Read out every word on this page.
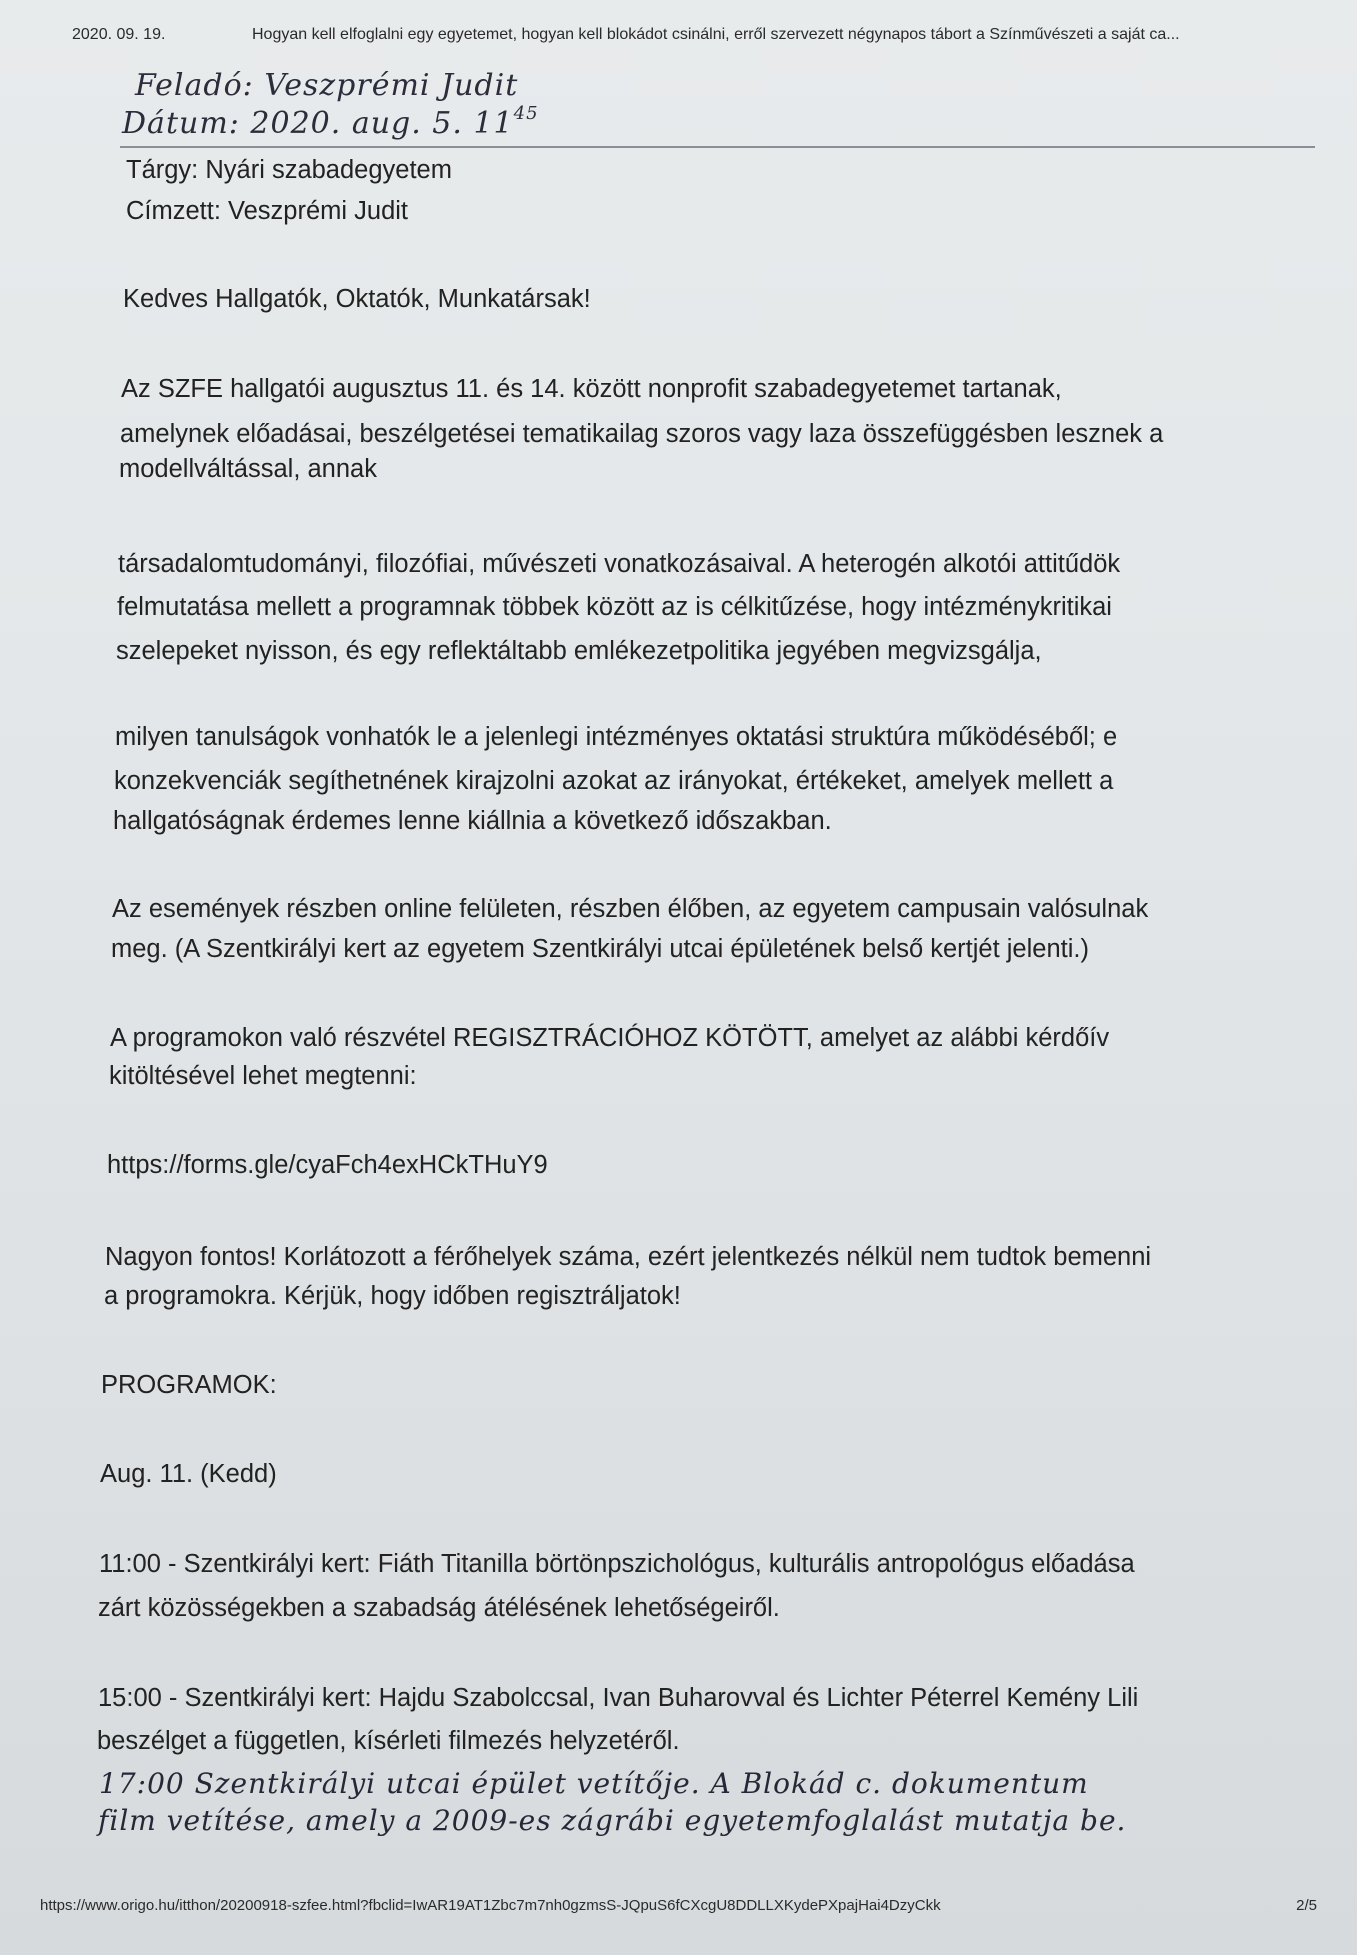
2020. 09. 19.	Hogyan kell elfoglalni egy egyetemet, hogyan kell blokádot csinálni, erről szervezett négynapos tábort a Színművészeti a saját ca...
Feladó: Veszprémi Judit
Dátum: 2020. aug. 5. $11^{45}$
Tárgy: Nyári szabadegyetem
Címzett: Veszprémi Judit
Kedves Hallgatók, Oktatók, Munkatársak!
Az SZFE hallgatói augusztus 11. és 14. között nonprofit szabadegyetemet tartanak,
amelynek előadásai, beszélgetései tematikailag szoros vagy laza összefüggésben lesznek a
modellváltással, annak
társadalomtudományi, filozófiai, művészeti vonatkozásaival. A heterogén alkotói attitűdök
felmutatása mellett a programnak többek között az is célkitűzése, hogy intézménykritikai
szelepeket nyisson, és egy reflektáltabb emlékezetpolitika jegyében megvizsgálja,
milyen tanulságok vonhatók le a jelenlegi intézményes oktatási struktúra működéséből; e
konzekvenciák segíthetnének kirajzolni azokat az irányokat, értékeket, amelyek mellett a
hallgatóságnak érdemes lenne kiállnia a következő időszakban.
Az események részben online felületen, részben élőben, az egyetem campusain valósulnak
meg. (A Szentkirályi kert az egyetem Szentkirályi utcai épületének belső kertjét jelenti.)
A programokon való részvétel REGISZTRÁCIÓHOZ KÖTÖTT, amelyet az alábbi kérdőív
kitöltésével lehet megtenni:
https://forms.gle/cyaFch4exHCkTHuY9
Nagyon fontos! Korlátozott a férőhelyek száma, ezért jelentkezés nélkül nem tudtok bemenni
a programokra. Kérjük, hogy időben regisztráljatok!
PROGRAMOK:
Aug. 11. (Kedd)
11:00 - Szentkirályi kert: Fiáth Titanilla börtönpszichológus, kulturális antropológus előadása
zárt közösségekben a szabadság átélésének lehetőségeiről.
15:00 - Szentkirályi kert: Hajdu Szabolccsal, Ivan Buharovval és Lichter Péterrel Kemény Lili
beszélget a független, kísérleti filmezés helyzetéről.
17:00 Szentkirályi utcai épület vetítője. A Blokád c. dokumentum
film vetítése, amely a 2009-es zágrábi egyetemfoglalást mutatja be.
https://www.origo.hu/itthon/20200918-szfee.html?fbclid=IwAR19AT1Zbc7m7nh0gzmsS-JQpuS6fCXcgU8DDLLXKydePXpajHai4DzyCkk	2/5
